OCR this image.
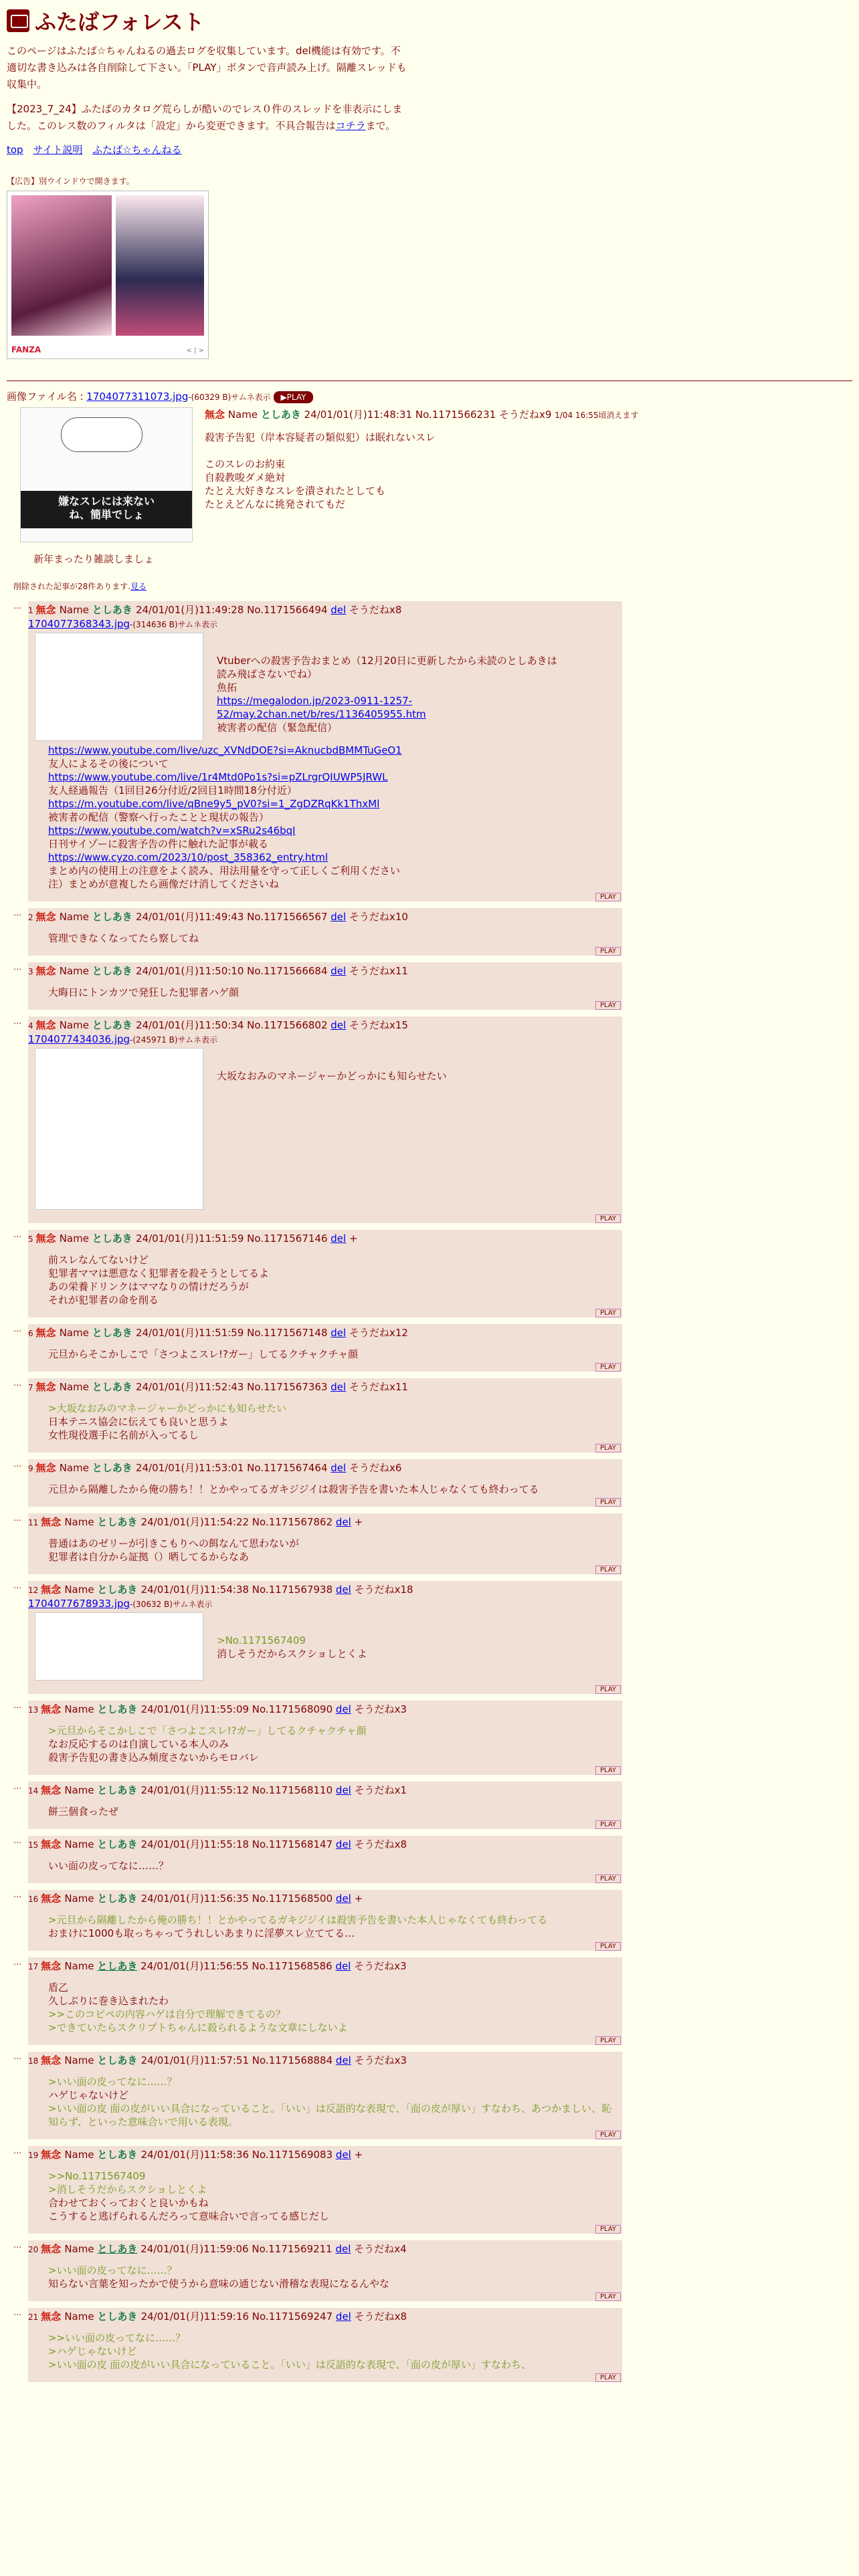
ふたばフォレスト

このページはふたば☆ちゃんねるの過去ログを収集しています。del機能は有効です。不適切な書き込みは各自削除して下さい。「PLAY」ボタンで音声読み上げ。隔離スレッドも収集中。

【2023_7_24】ふたばのカタログ荒らしが酷いのでレス０件のスレッドを非表示にしました。このレス数のフィルタは「設定」から変更できます。不具合報告はコチラまで。

top サイト説明 ふたば☆ちゃんねる
【広告】別ウインドウで開きます。
FANZA	< | >
画像ファイル名 : 1704077311073.jpg-(60329 B)サムネ表示 ▶PLAY
嫌なスレには来ない
ね、簡単でしょ
無念 Name としあき 24/01/01(月)11:48:31 No.1171566231 そうだねx9 1/04 16:55頃消えます
殺害予告犯（岸本容疑者の類似犯）は眠れないスレ

このスレのお約束
自殺教唆ダメ絶対
たとえ大好きなスレを潰されたとしても
たとえどんなに挑発されてもだ
新年まったり雑談しましょ
削除された記事が28件あります.見る
… 1 無念 Name としあき 24/01/01(月)11:49:28 No.1171566494 del そうだねx8
1704077368343.jpg-(314636 B)サムネ表示
Vtuberへの殺害予告おまとめ（12月20日に更新したから未読のとしあきは
読み飛ばさないでね）
魚拓

https://megalodon.jp/2023-0911-1257-
52/may.2chan.net/b/res/1136405955.htm
被害者の配信（緊急配信）
https://www.youtube.com/live/uzc_XVNdDOE?si=AknucbdBMMTuGeO1
友人によるその後について
https://www.youtube.com/live/1r4Mtd0Po1s?si=pZLrgrQIUWP5JRWL
友人経過報告（1回目26分付近/2回目1時間18分付近）
https://m.youtube.com/live/qBne9y5_pV0?si=1_ZgDZRqKk1ThxMl
被害者の配信（警察へ行ったことと現状の報告）
https://www.youtube.com/watch?v=xSRu2s46bqI
日刊サイゾーに殺害予告の件に触れた記事が載る
https://www.cyzo.com/2023/10/post_358362_entry.html
まとめ内の使用上の注意をよく読み、用法用量を守って正しくご利用ください
注）まとめが意複したら画像だけ消してくださいね
PLAY
… 2 無念 Name としあき 24/01/01(月)11:49:43 No.1171566567 del そうだねx10
管理できなくなってたら察してね
PLAY
… 3 無念 Name としあき 24/01/01(月)11:50:10 No.1171566684 del そうだねx11
大晦日にトンカツで発狂した犯罪者ハゲ顔
PLAY
… 4 無念 Name としあき 24/01/01(月)11:50:34 No.1171566802 del そうだねx15
1704077434036.jpg-(245971 B)サムネ表示
大坂なおみのマネージャーかどっかにも知らせたい
PLAY
… 5 無念 Name としあき 24/01/01(月)11:51:59 No.1171567146 del +
前スレなんてないけど
犯罪者ママは悪意なく犯罪者を殺そうとしてるよ
あの栄養ドリンクはママなりの情けだろうが
それが犯罪者の命を削る
PLAY
… 6 無念 Name としあき 24/01/01(月)11:51:59 No.1171567148 del そうだねx12
元旦からそこかしこで「さつよこスレ!?ガー」してるクチャクチャ顔
PLAY
… 7 無念 Name としあき 24/01/01(月)11:52:43 No.1171567363 del そうだねx11
>大坂なおみのマネージャーかどっかにも知らせたい
日本テニス協会に伝えても良いと思うよ
女性現役選手に名前が入ってるし
PLAY
… 9 無念 Name としあき 24/01/01(月)11:53:01 No.1171567464 del そうだねx6
元旦から隔離したから俺の勝ち！！とかやってるガキジジイは殺害予告を書いた本人じゃなくても終わってる
PLAY
… 11 無念 Name としあき 24/01/01(月)11:54:22 No.1171567862 del +
普通はあのゼリーが引きこもりへの餌なんて思わないが
犯罪者は自分から証拠（）晒してるからなあ
PLAY
… 12 無念 Name としあき 24/01/01(月)11:54:38 No.1171567938 del そうだねx18
1704077678933.jpg-(30632 B)サムネ表示
>No.1171567409
消しそうだからスクショしとくよ
PLAY
… 13 無念 Name としあき 24/01/01(月)11:55:09 No.1171568090 del そうだねx3
>元旦からそこかしこで「さつよこスレ!?ガー」してるクチャクチャ顔
なお反応するのは自演している本人のみ
殺害予告犯の書き込み頻度さないからモロバレ
PLAY
… 14 無念 Name としあき 24/01/01(月)11:55:12 No.1171568110 del そうだねx1
餅三個食ったぜ
PLAY
… 15 無念 Name としあき 24/01/01(月)11:55:18 No.1171568147 del そうだねx8
いい面の皮ってなに……？
PLAY
… 16 無念 Name としあき 24/01/01(月)11:56:35 No.1171568500 del +
>元旦から隔離したから俺の勝ち！！とかやってるガキジジイは殺害予告を書いた本人じゃなくても終わってる
おまけに1000も取っちゃってうれしいあまりに淫夢スレ立ててる…
PLAY
… 17 無念 Name としあき 24/01/01(月)11:56:55 No.1171568586 del そうだねx3
盾乙
久しぶりに巻き込まれたわ

>>このコピペの内容ハゲは自分で理解できてるの？
>できていたらスクリプトちゃんに殺られるような文章にしないよ
PLAY
… 18 無念 Name としあき 24/01/01(月)11:57:51 No.1171568884 del そうだねx3
>いい面の皮ってなに……？
ハゲじゃないけど
>いい面の皮 面の皮がいい具合になっていること。「いい」は反語的な表現で、「面の皮が厚い」すなわち、あつかましい、恥知らず、といった意味合いで用いる表現。
PLAY
… 19 無念 Name としあき 24/01/01(月)11:58:36 No.1171569083 del +
>>No.1171567409
>消しそうだからスクショしとくよ
合わせておくっておくと良いかもね
こうすると逃げられるんだろって意味合いで言ってる感じだし
PLAY
… 20 無念 Name としあき 24/01/01(月)11:59:06 No.1171569211 del そうだねx4
>いい面の皮ってなに……？
知らない言葉を知ったかで使うから意味の通じない滑稽な表現になるんやな
PLAY
… 21 無念 Name としあき 24/01/01(月)11:59:16 No.1171569247 del そうだねx8
>>いい面の皮ってなに……？
>ハゲじゃないけど
>いい面の皮 面の皮がいい具合になっていること。「いい」は反語的な表現で、「面の皮が厚い」すなわち、
PLAY
